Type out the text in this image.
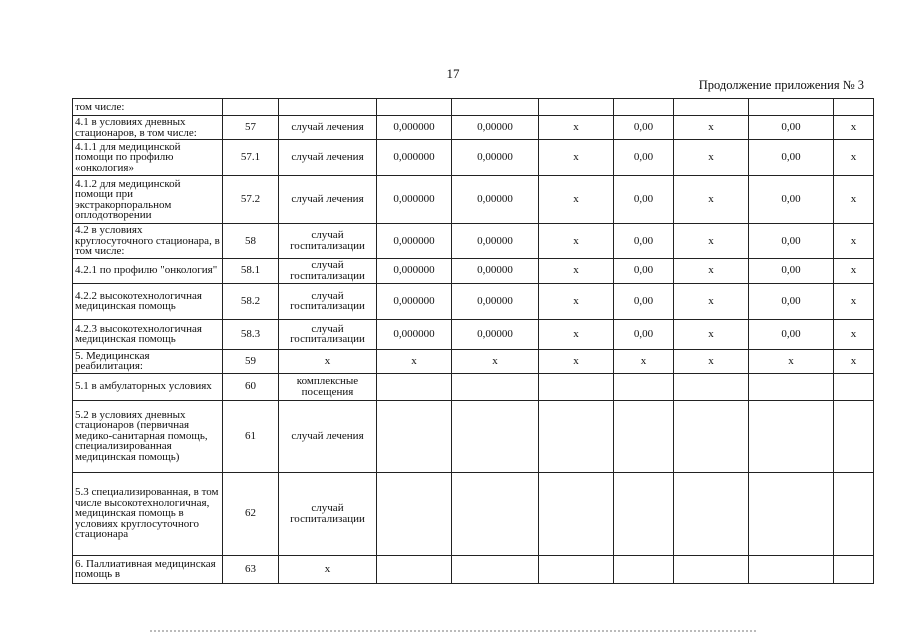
17
Продолжение приложения № 3
том числе:									
4.1 в условиях дневных стационаров, в том числе:	57	случай лечения	0,000000	0,00000	x	0,00	x	0,00	x
4.1.1 для медицинской помощи по профилю «онкология»	57.1	случай лечения	0,000000	0,00000	x	0,00	x	0,00	x
4.1.2 для медицинской помощи при экстракорпоральном оплодотворении	57.2	случай лечения	0,000000	0,00000	x	0,00	x	0,00	x
4.2 в условиях круглосуточного стационара, в том числе:	58	случай госпитализации	0,000000	0,00000	x	0,00	x	0,00	x
4.2.1 по профилю "онкология"	58.1	случай госпитализации	0,000000	0,00000	x	0,00	x	0,00	x
4.2.2 высокотехнологичная медицинская помощь	58.2	случай госпитализации	0,000000	0,00000	x	0,00	x	0,00	x
4.2.3 высокотехнологичная медицинская помощь	58.3	случай госпитализации	0,000000	0,00000	x	0,00	x	0,00	x
5. Медицинская реабилитация:	59	x	x	x	x	x	x	x	x
5.1 в амбулаторных условиях	60	комплексные посещения							
5.2 в условиях дневных стационаров (первичная медико-санитарная помощь, специализированная медицинская помощь)	61	случай лечения							
5.3 специализированная, в том числе высокотехнологичная, медицинская помощь в условиях круглосуточного стационара	62	случай госпитализации							
6. Паллиативная медицинская помощь в	63	x							
